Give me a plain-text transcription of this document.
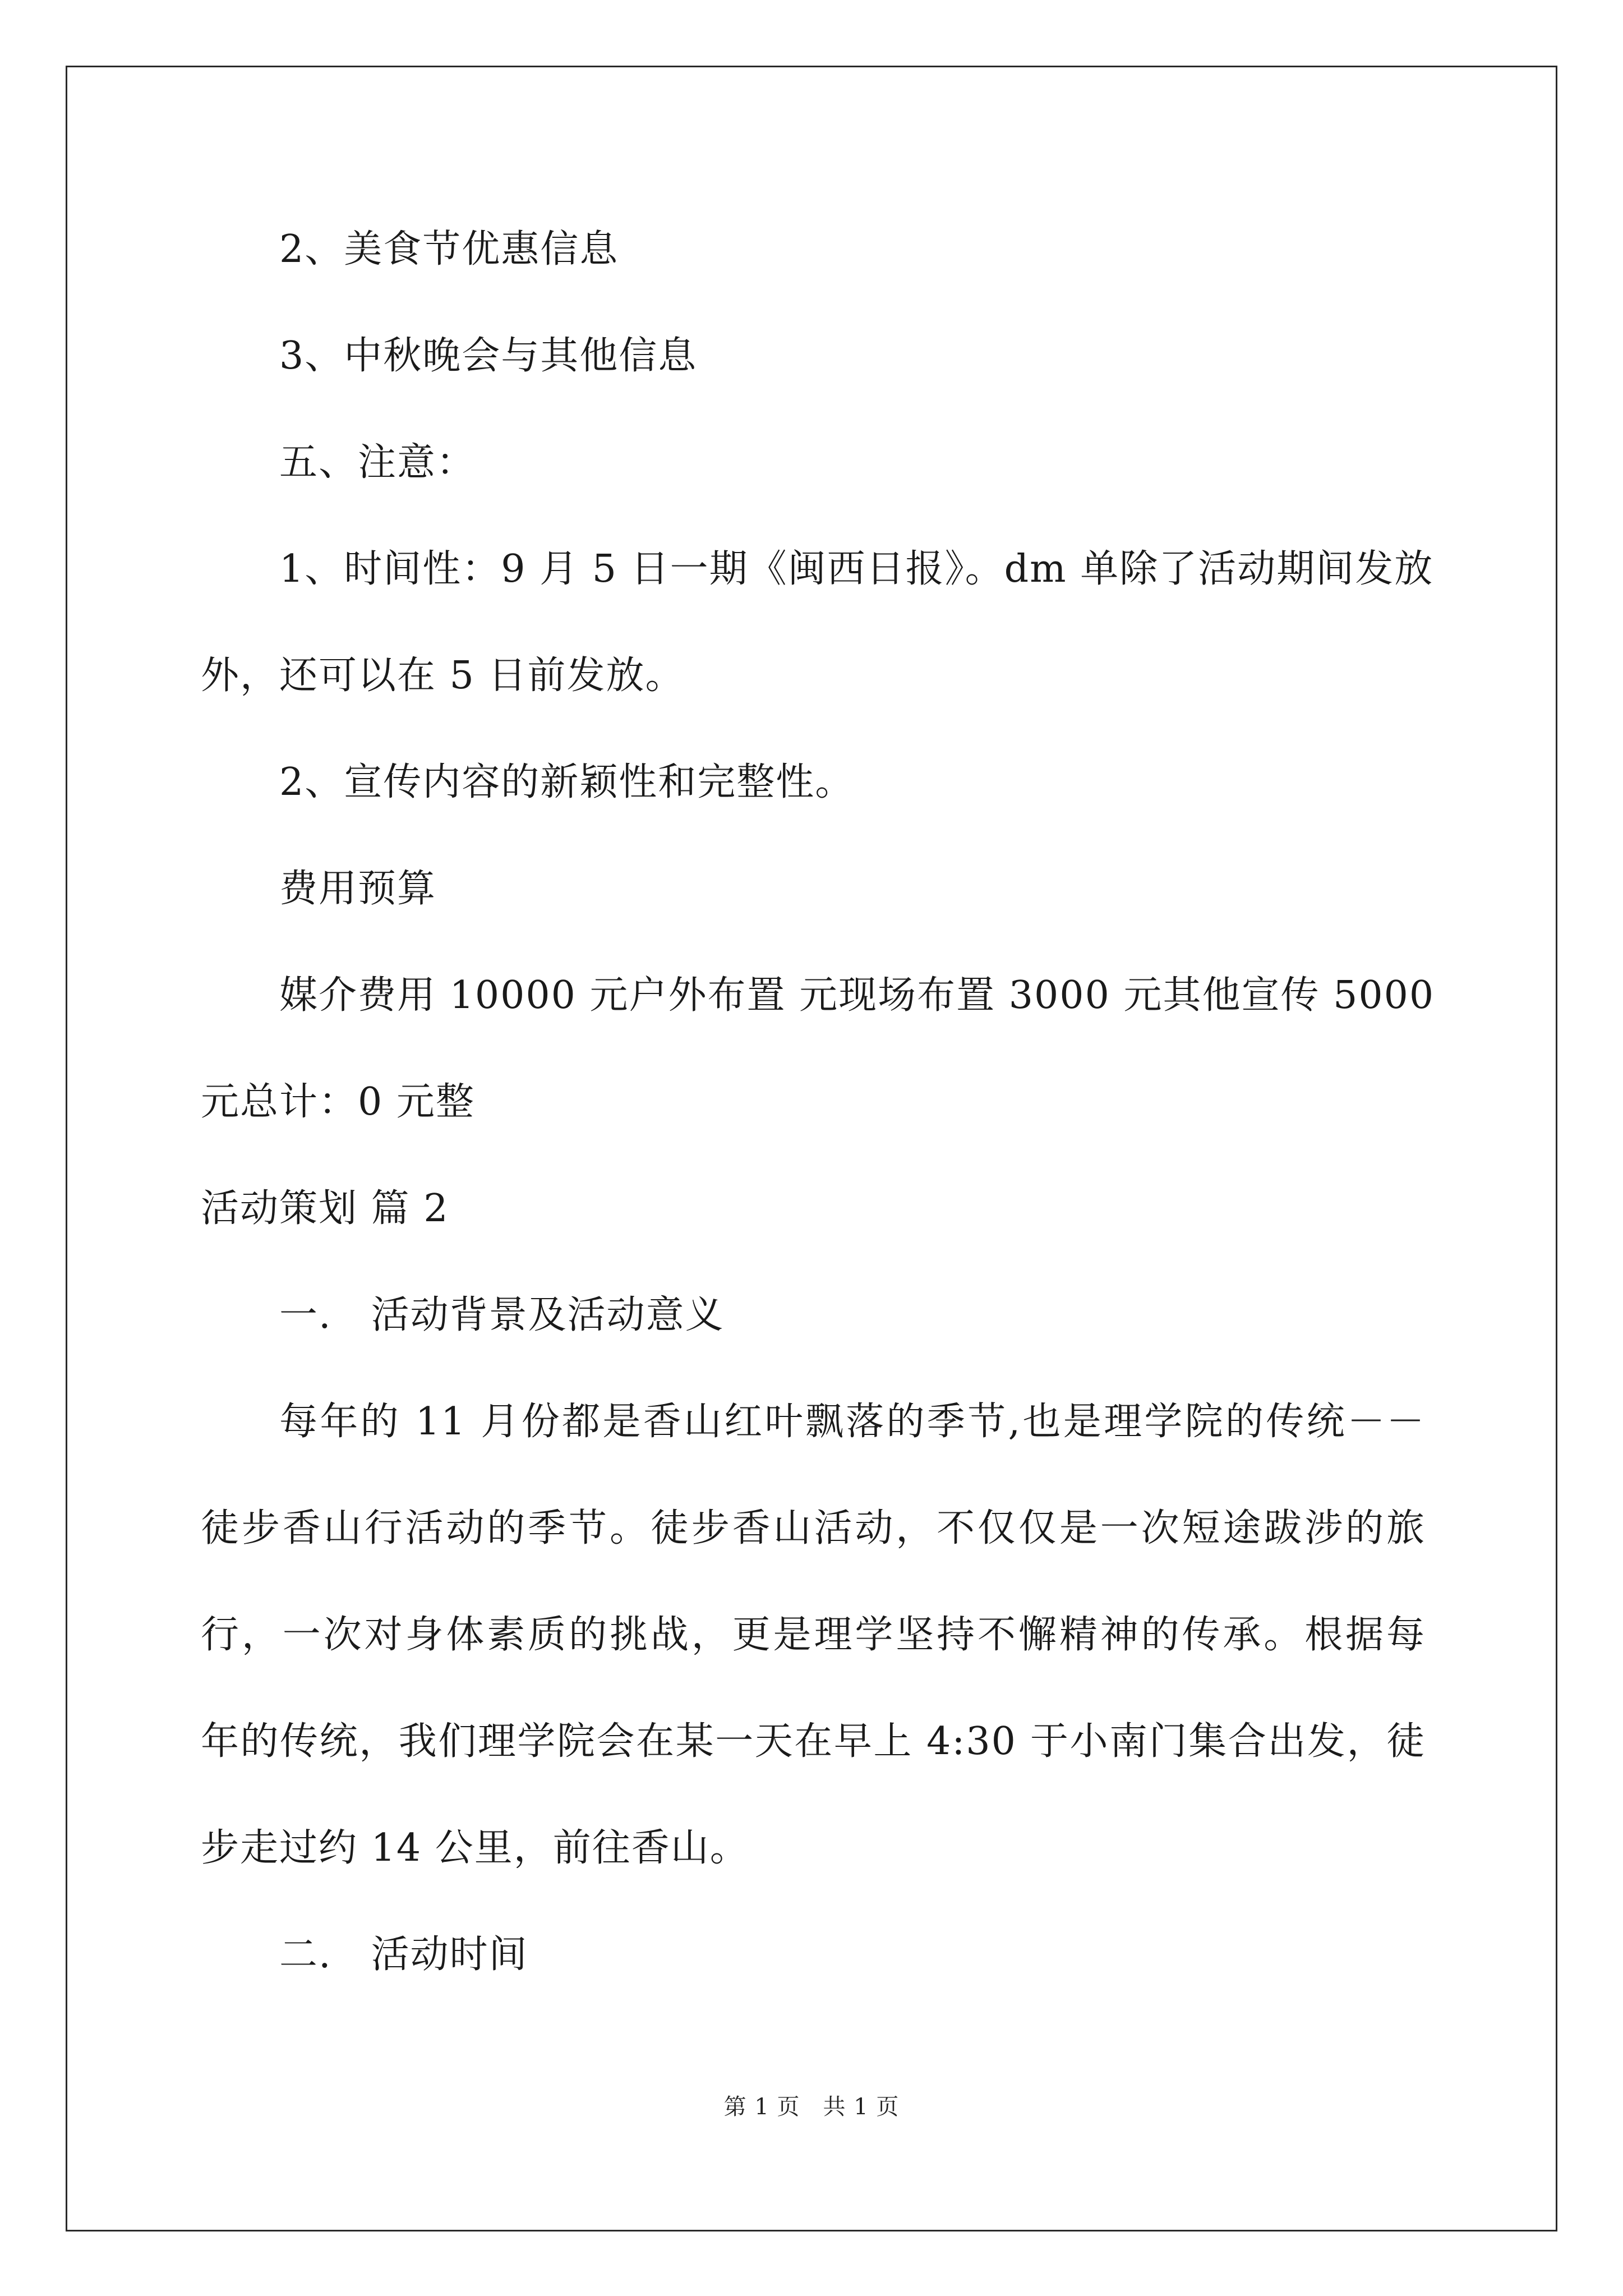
2、美食节优惠信息
3、中秋晚会与其他信息
五、注意：
1、时间性：9 月 5 日一期《闽西日报》。dm 单除了活动期间发放
外，还可以在 5 日前发放。
2、宣传内容的新颖性和完整性。
费用预算
媒介费用 10000 元户外布置 元现场布置 3000 元其他宣传 5000
元总计：0 元整
活动策划 篇 2
一.　活动背景及活动意义
每年的 11 月份都是香山红叶飘落的季节,也是理学院的传统－－
徒步香山行活动的季节。徒步香山活动，不仅仅是一次短途跋涉的旅
行，一次对身体素质的挑战，更是理学坚持不懈精神的传承。根据每
年的传统，我们理学院会在某一天在早上 4:30 于小南门集合出发，徒
步走过约 14 公里，前往香山。
二.　活动时间
第 1 页　共 1 页
